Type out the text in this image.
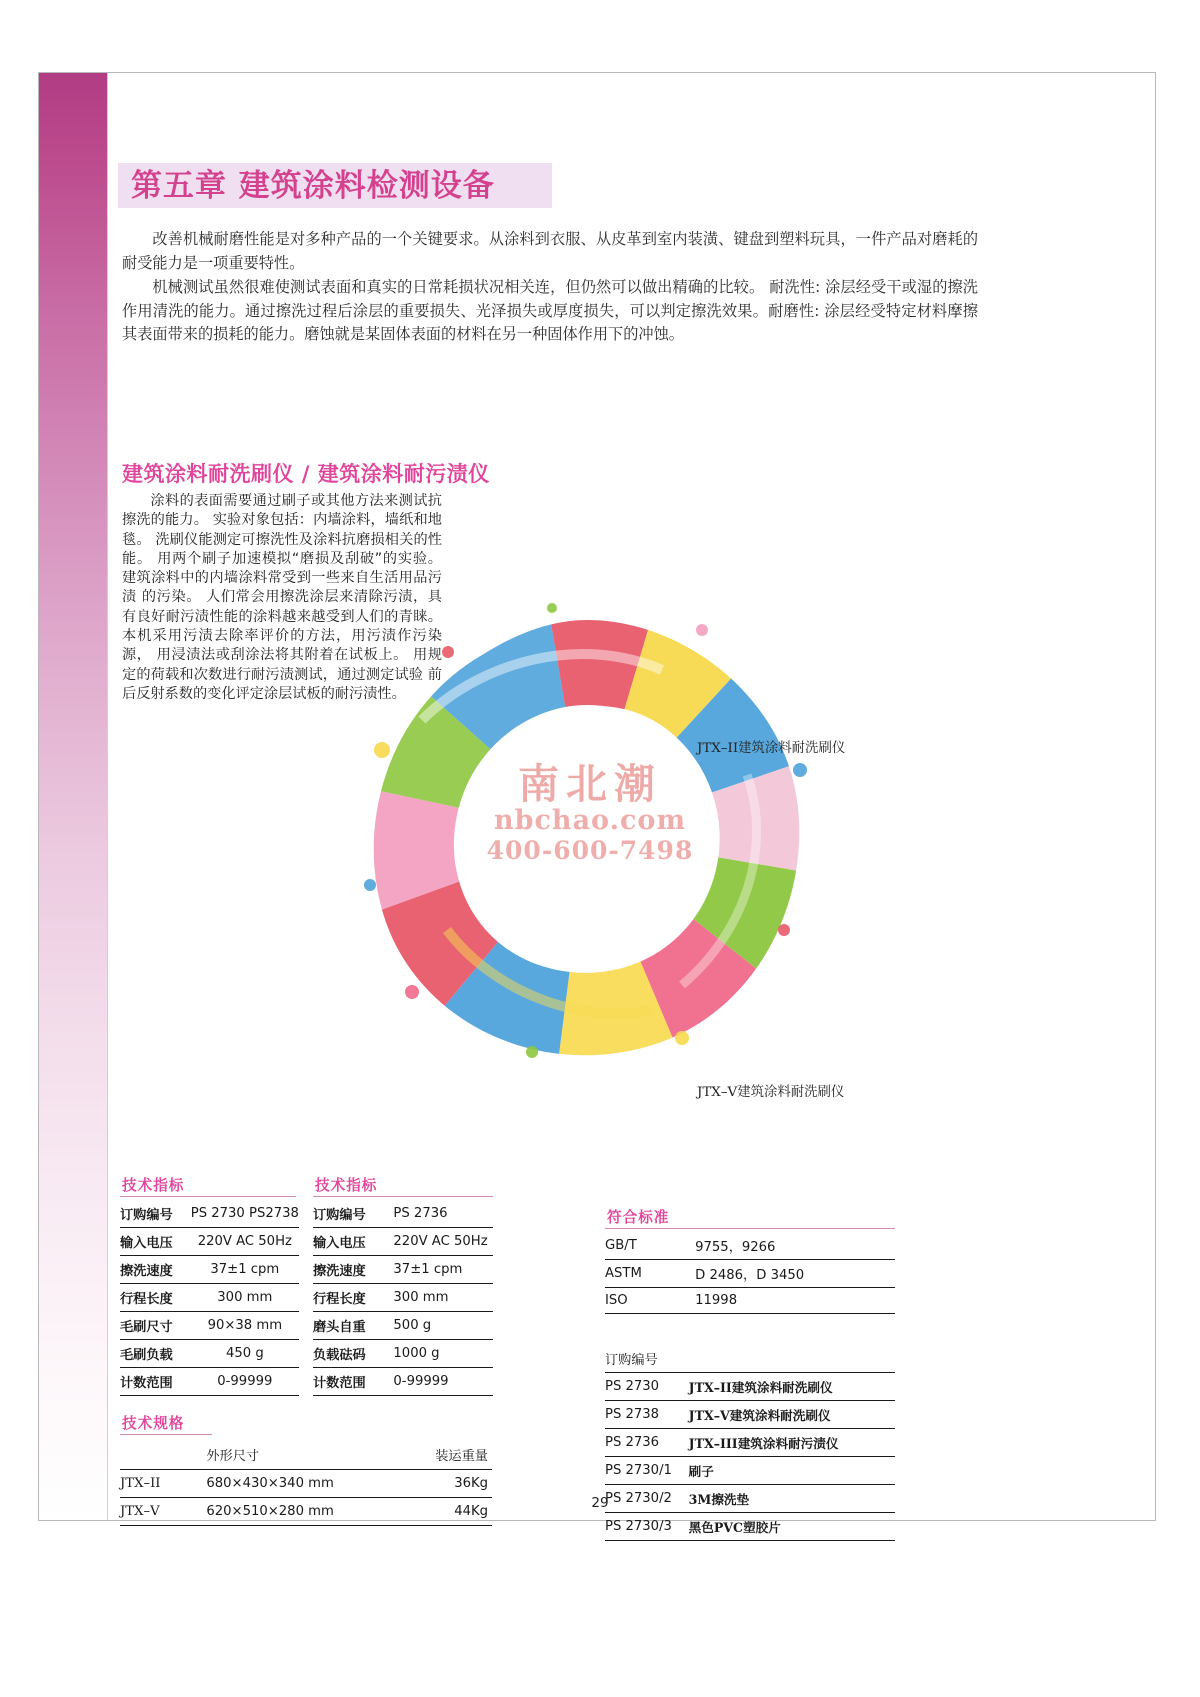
第五章 建筑涂料检测设备

改善机械耐磨性能是对多种产品的一个关键要求。从涂料到衣服、从皮革到室内装潢、键盘到塑料玩具，一件产品对磨耗的耐受能力是一项重要特性。

机械测试虽然很难使测试表面和真实的日常耗损状况相关连，但仍然可以做出精确的比较。 耐洗性: 涂层经受干或湿的擦洗作用清洗的能力。通过擦洗过程后涂层的重要损失、光泽损失或厚度损失，可以判定擦洗效果。耐磨性: 涂层经受特定材料摩擦其表面带来的损耗的能力。磨蚀就是某固体表面的材料在另一种固体作用下的冲蚀。

建筑涂料耐洗刷仪 / 建筑涂料耐污渍仪
涂料的表面需要通过刷子或其他方法来测试抗擦洗的能力。 实验对象包括：内墙涂料，墙纸和地毯。 洗刷仪能测定可擦洗性及涂料抗磨损相关的性能。 用两个刷子加速模拟“磨损及刮破”的实验。 建筑涂料中的内墙涂料常受到一些来自生活用品污渍 的污染。 人们常会用擦洗涂层来清除污渍，具有良好耐污渍性能的涂料越来越受到人们的青睐。 本机采用污渍去除率评价的方法，用污渍作污染源， 用浸渍法或刮涂法将其附着在试板上。 用规定的荷载和次数进行耐污渍测试，通过测定试验 前后反射系数的变化评定涂层试板的耐污渍性。
南北潮
nbchao.com
400-600-7498
JTX–II建筑涂料耐洗刷仪
JTX–V建筑涂料耐洗刷仪
技术指标
订购编号	PS 2730 PS2738
输入电压	220V AC 50Hz
擦洗速度	37±1 cpm
行程长度	300 mm
毛刷尺寸	90×38 mm
毛刷负载	450 g
计数范围	0-99999
技术指标
订购编号	PS 2736
输入电压	220V AC 50Hz
擦洗速度	37±1 cpm
行程长度	300 mm
磨头自重	500 g
负载砝码	1000 g
计数范围	0-99999
技术规格
	外形尺寸	装运重量
JTX–II	680×430×340 mm	36Kg
JTX–V	620×510×280 mm	44Kg
符合标准
GB/T	9755，9266
ASTM	D 2486，D 3450
ISO	11998
订购编号	
PS 2730	JTX–II建筑涂料耐洗刷仪
PS 2738	JTX–V建筑涂料耐洗刷仪
PS 2736	JTX–III建筑涂料耐污渍仪
PS 2730/1	刷子
PS 2730/2	3M擦洗垫
PS 2730/3	黑色PVC塑胶片
29
